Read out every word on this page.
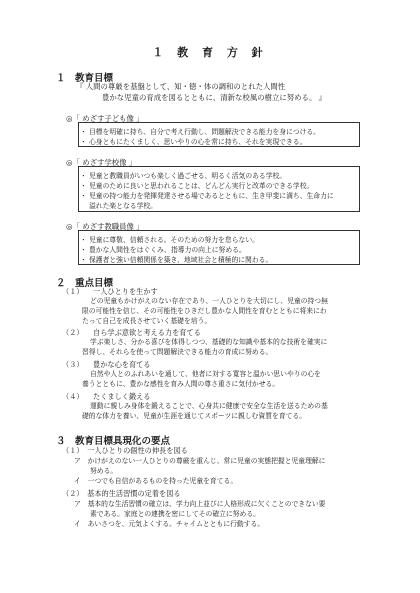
１ 教 育 方 針
１　教育目標
『 人間の尊厳を基盤として、知・徳・体の調和のとれた人間性
豊かな児童の育成を図るとともに、清新な校風の樹立に努める。 』
◎「 めざす子ども像 」
・ 目標を明確に持ち、自分で考え行動し、問題解決できる能力を身につける。
・ 心身ともにたくましく、思いやりの心を常に持ち、それを実現できる。
◎「 めざす学校像 」
・ 児童と教職員がいつも楽しく過ごせる、明るく活気のある学校。
・ 児童のために良いと思われることは、どんどん実行と改革のできる学校。
・ 児童の持つ能力を発揮発達させる場であるとともに、生き甲斐に満ち、生命力に
溢れた楽となる学校。
◎「 めざす教職員像 」
・ 児童に尊敬、信頼される。そのための努力を怠らない。
・ 豊かな人間性をはぐくみ、指導力の向上に努める。
・ 保護者と強い信頼関係を築き、地域社会と積極的に関わる。
２　重点目標
（１） 一人ひとりを生かす
どの児童もかけがえのない存在であり、一人ひとりを大切にし、児童の持つ無
限の可能性を信じ、その可能性をひきだし豊かな人間性を育むとともに将来にわ
たって自己を成長させていく基礎を培う。
（２） 自ら学ぶ意欲と考える力を育てる
学ぶ楽しさ、分かる喜びを体得しつつ、基礎的な知識や基本的な技術を確実に
習得し、それらを使って問題解決できる能力の育成に努める。
（３） 豊かな心を育てる
自然や人とのふれあいを通して、他者に対する寛容と温かい思いやりの心を
養うとともに、豊かな感性を育み人間の尊さ重さに気付かせる。
（４） たくましく鍛える
運動に親しみ身体を鍛えることで、心身共に健康で安全な生活を送るための基
礎的な体力を養い、児童が生涯を通じてスポーツに親しむ資質を育てる。
３　教育目標具現化の要点
（１）　一人ひとりの個性の伸長を図る
ア　かけがえのない一人ひとりの尊厳を重んじ、常に児童の実態把握と児童理解に
努める。
イ　一つでも自信があるものを持った児童を育てる。
（２）　基本的生活習慣の定着を図る
ア　基本的な生活習慣の確立は、学力向上並びに人格形成に欠くことのできない要
素である。家庭との連携を密にしてその確立に努める。
イ　あいさつを、元気よくする。チャイムとともに行動する。
